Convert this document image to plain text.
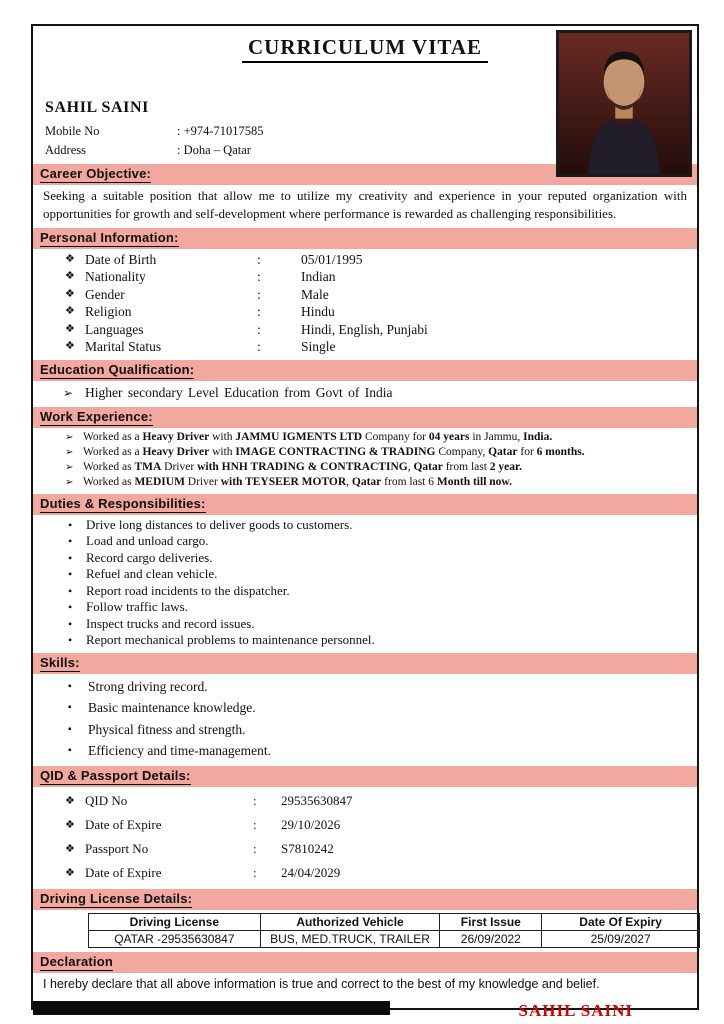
CURRICULUM VITAE
SAHIL SAINI
Mobile No	: +974-71017585
Address	: Doha – Qatar
Career Objective:

Seeking a suitable position that allow me to utilize my creativity and experience in your reputed organization with opportunities for growth and self-development where performance is rewarded as challenging responsibilities.

Personal Information:
❖ Date of Birth	:	05/01/1995
❖ Nationality	:	Indian
❖ Gender	:	Male
❖ Religion	:	Hindu
❖ Languages	:	Hindi, English, Punjabi
❖ Marital Status	:	Single
Education Qualification:
➢ Higher secondary Level Education from Govt of India
Work Experience:
➢ Worked as a Heavy Driver with JAMMU IGMENTS LTD Company for 04 years in Jammu, India.
➢ Worked as a Heavy Driver with IMAGE CONTRACTING & TRADING Company, Qatar for 6 months.
➢ Worked as TMA Driver with HNH TRADING & CONTRACTING, Qatar from last 2 year.
➢ Worked as MEDIUM Driver with TEYSEER MOTOR, Qatar from last 6 Month till now.
Duties & Responsibilities:
•	Drive long distances to deliver goods to customers.
•	Load and unload cargo.
•	Record cargo deliveries.
•	Refuel and clean vehicle.
•	Report road incidents to the dispatcher.
•	Follow traffic laws.
•	Inspect trucks and record issues.
•	Report mechanical problems to maintenance personnel.
Skills:
▪	Strong driving record.
▪	Basic maintenance knowledge.
▪	Physical fitness and strength.
▪	Efficiency and time-management.
QID & Passport Details:
❖ QID No	:	29535630847
❖ Date of Expire	:	29/10/2026
❖ Passport No	:	S7810242
❖ Date of Expire	:	24/04/2029
Driving License Details:
Driving License	Authorized Vehicle	First Issue	Date Of Expiry
QATAR -29535630847	BUS, MED.TRUCK, TRAILER	26/09/2022	25/09/2027
Declaration

I hereby declare that all above information is true and correct to the best of my knowledge and belief.

SAHIL SAINI
